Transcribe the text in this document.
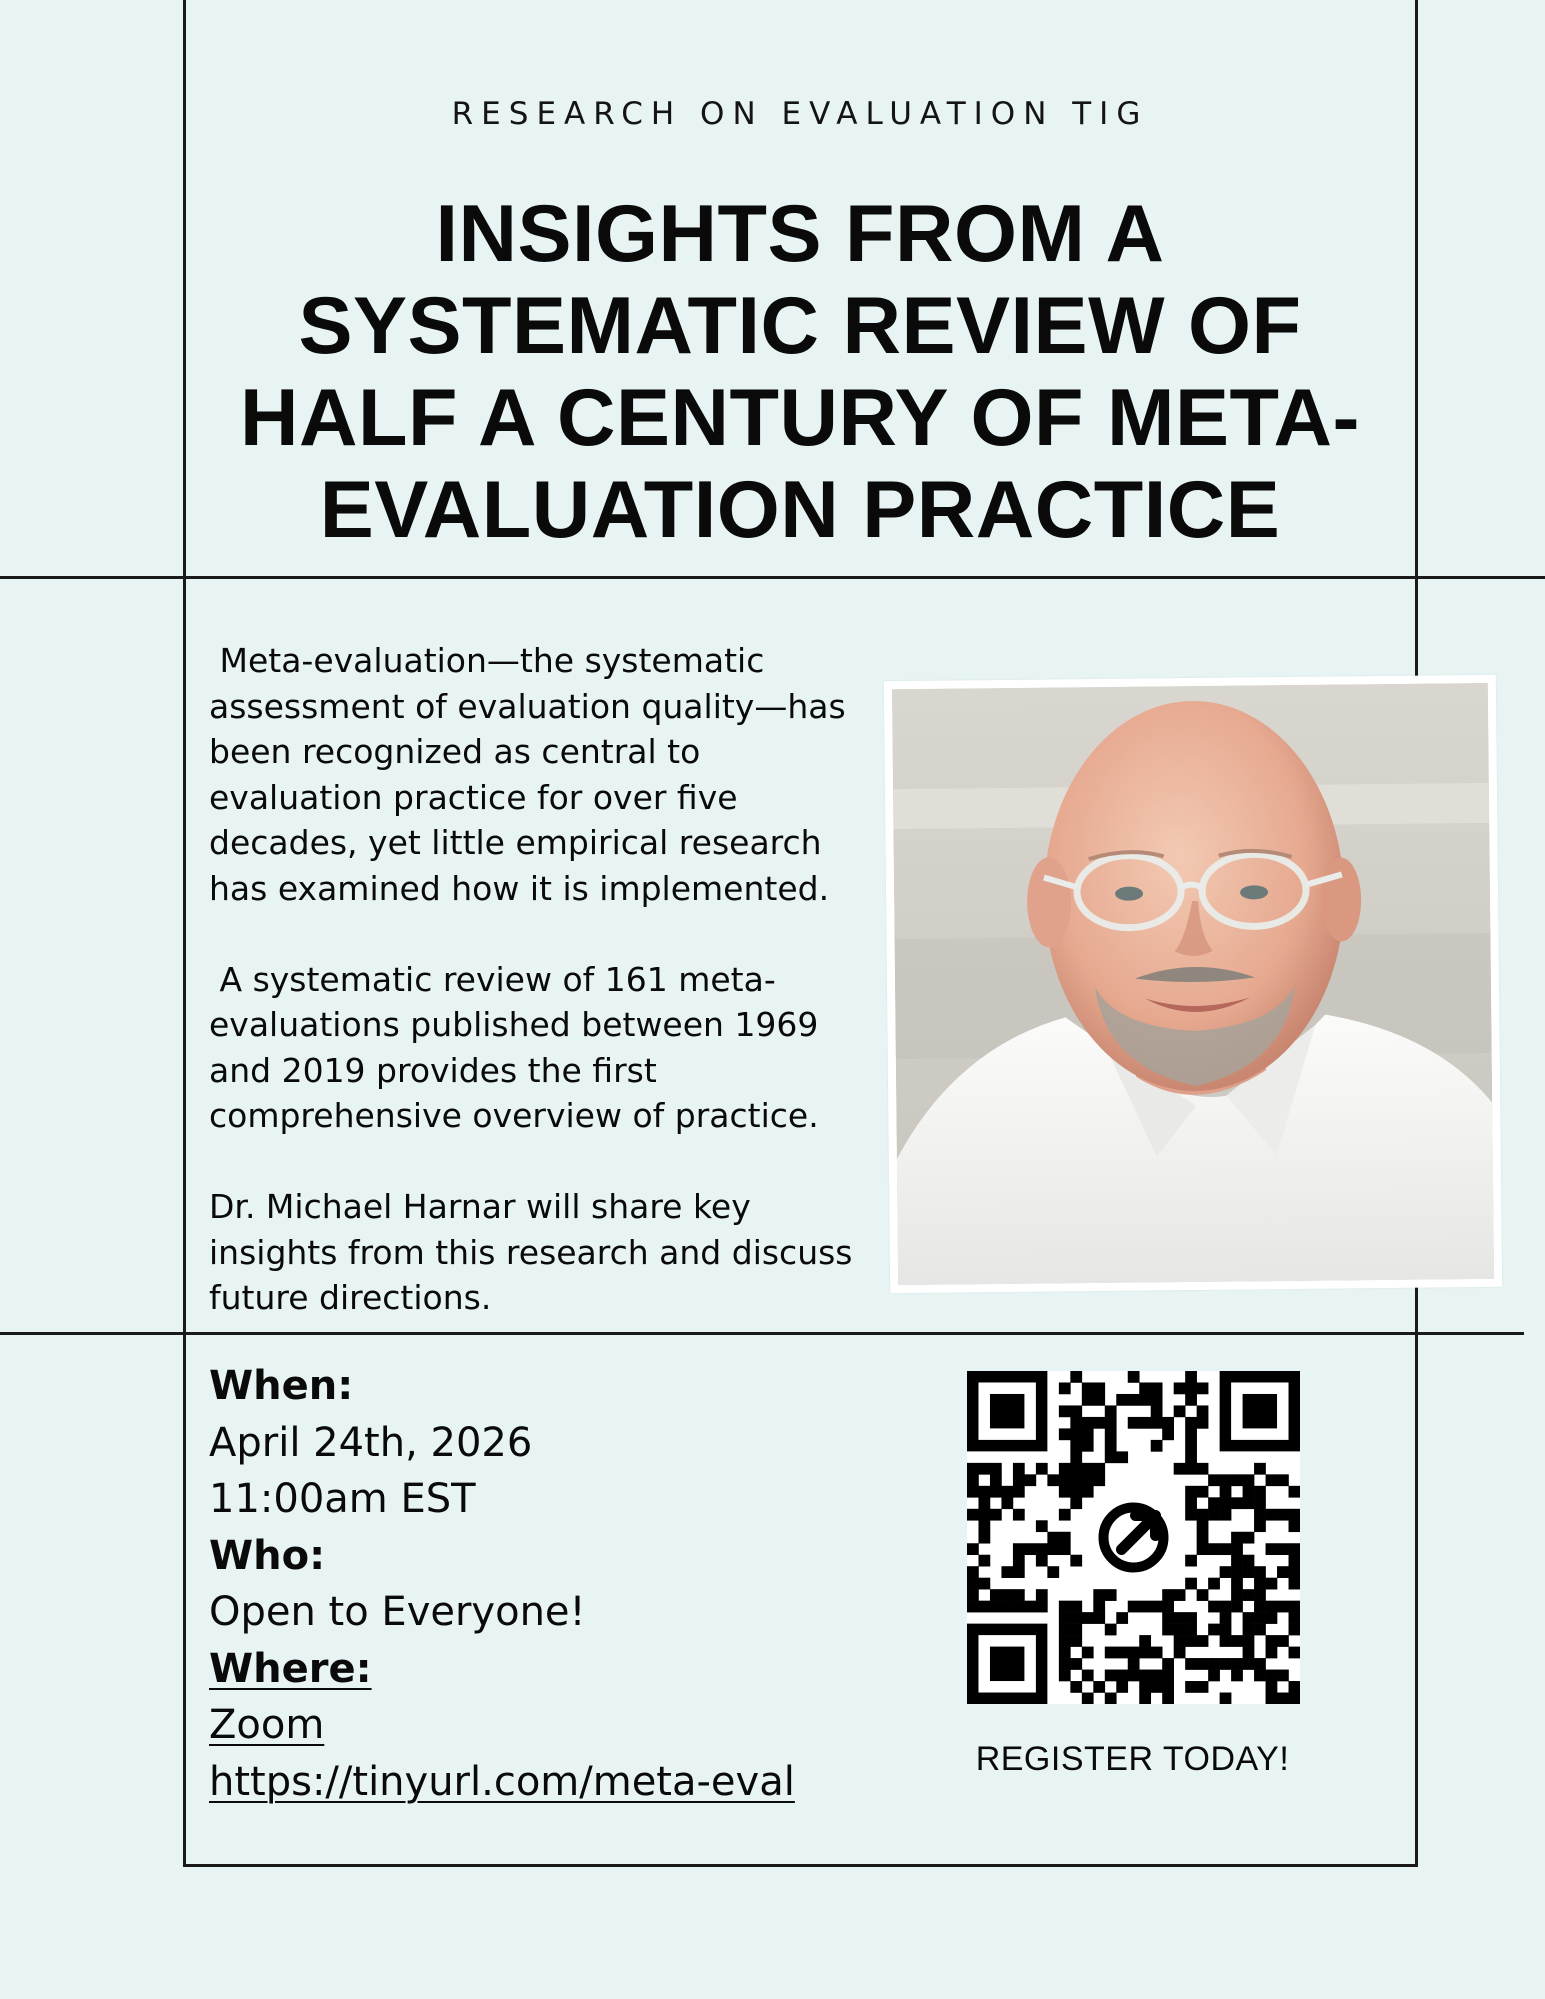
RESEARCH ON EVALUATION TIG
INSIGHTS FROM A
SYSTEMATIC REVIEW OF
HALF A CENTURY OF META-
EVALUATION PRACTICE

Meta-evaluation—the systematic assessment of evaluation quality—has been recognized as central to evaluation practice for over five decades, yet little empirical research has examined how it is implemented.

A systematic review of 161 meta-evaluations published between 1969 and 2019 provides the first comprehensive overview of practice.

Dr. Michael Harnar will share key insights from this research and discuss future directions.

When:
April 24th, 2026
11:00am EST
Who:
Open to Everyone!
Where:
Zoom
https://tinyurl.com/meta-eval	REGISTER TODAY!
